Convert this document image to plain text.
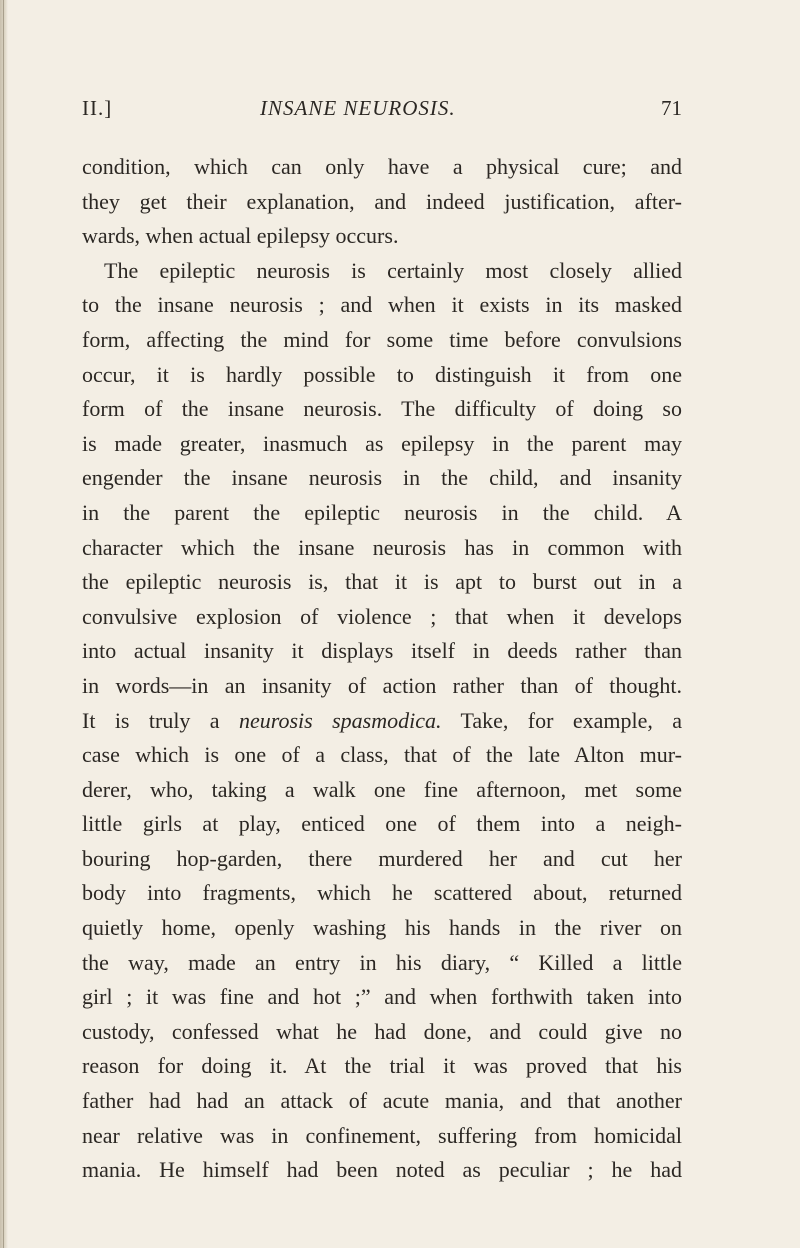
II.]	INSANE NEUROSIS.	71
condition, which can only have a physical cure; and
they get their explanation, and indeed justification, after-
wards, when actual epilepsy occurs.
The epileptic neurosis is certainly most closely allied
to the insane neurosis ; and when it exists in its masked
form, affecting the mind for some time before convulsions
occur, it is hardly possible to distinguish it from one
form of the insane neurosis. The difficulty of doing so
is made greater, inasmuch as epilepsy in the parent may
engender the insane neurosis in the child, and insanity
in the parent the epileptic neurosis in the child. A
character which the insane neurosis has in common with
the epileptic neurosis is, that it is apt to burst out in a
convulsive explosion of violence ; that when it develops
into actual insanity it displays itself in deeds rather than
in words—in an insanity of action rather than of thought.
It is truly a neurosis spasmodica. Take, for example, a
case which is one of a class, that of the late Alton mur-
derer, who, taking a walk one fine afternoon, met some
little girls at play, enticed one of them into a neigh-
bouring hop-garden, there murdered her and cut her
body into fragments, which he scattered about, returned
quietly home, openly washing his hands in the river on
the way, made an entry in his diary, “ Killed a little
girl ; it was fine and hot ;” and when forthwith taken into
custody, confessed what he had done, and could give no
reason for doing it. At the trial it was proved that his
father had had an attack of acute mania, and that another
near relative was in confinement, suffering from homicidal
mania. He himself had been noted as peculiar ; he had
